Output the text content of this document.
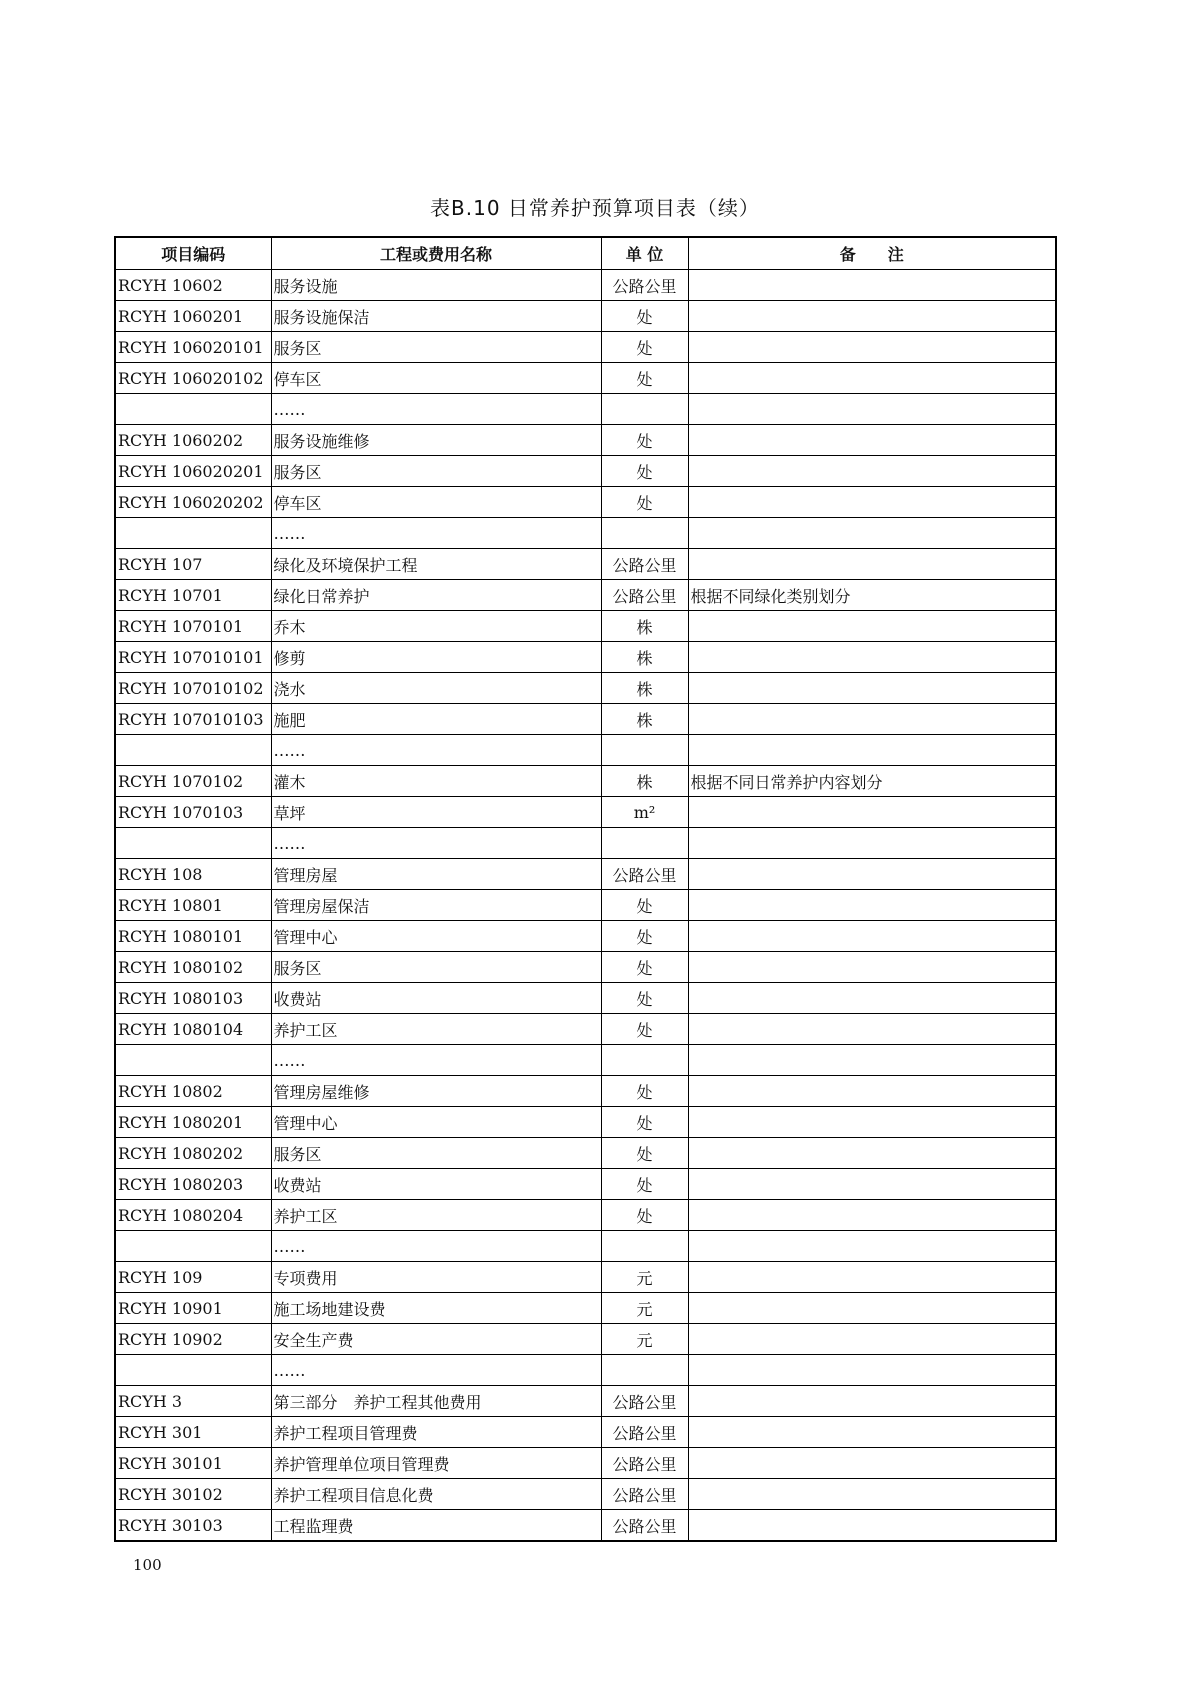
表B.10 日常养护预算项目表（续）
项目编码	工程或费用名称	单 位	备　　注
RCYH 10602	服务设施	公路公里	
RCYH 1060201	服务设施保洁	处	
RCYH 106020101	服务区	处	
RCYH 106020102	停车区	处	
	……		
RCYH 1060202	服务设施维修	处	
RCYH 106020201	服务区	处	
RCYH 106020202	停车区	处	
	……		
RCYH 107	绿化及环境保护工程	公路公里	
RCYH 10701	绿化日常养护	公路公里	根据不同绿化类别划分
RCYH 1070101	乔木	株	
RCYH 107010101	修剪	株	
RCYH 107010102	浇水	株	
RCYH 107010103	施肥	株	
	……		
RCYH 1070102	灌木	株	根据不同日常养护内容划分
RCYH 1070103	草坪	m²	
	……		
RCYH 108	管理房屋	公路公里	
RCYH 10801	管理房屋保洁	处	
RCYH 1080101	管理中心	处	
RCYH 1080102	服务区	处	
RCYH 1080103	收费站	处	
RCYH 1080104	养护工区	处	
	……		
RCYH 10802	管理房屋维修	处	
RCYH 1080201	管理中心	处	
RCYH 1080202	服务区	处	
RCYH 1080203	收费站	处	
RCYH 1080204	养护工区	处	
	……		
RCYH 109	专项费用	元	
RCYH 10901	施工场地建设费	元	
RCYH 10902	安全生产费	元	
	……		
RCYH 3	第三部分　养护工程其他费用	公路公里	
RCYH 301	养护工程项目管理费	公路公里	
RCYH 30101	养护管理单位项目管理费	公路公里	
RCYH 30102	养护工程项目信息化费	公路公里	
RCYH 30103	工程监理费	公路公里	
100
